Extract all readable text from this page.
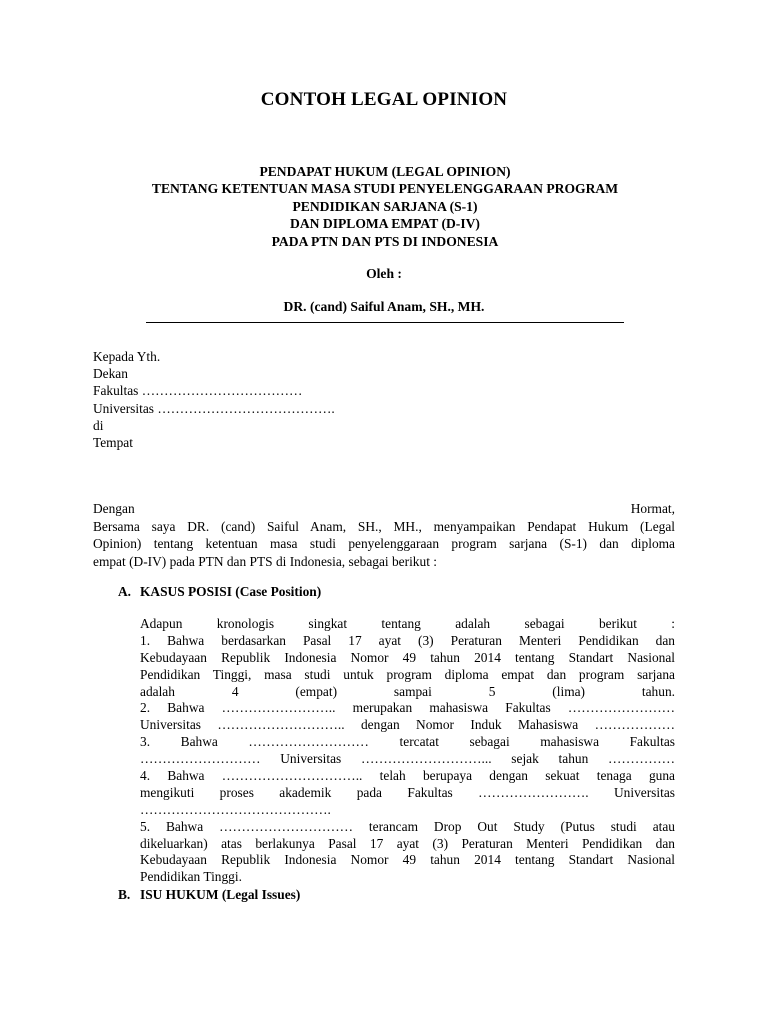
CONTOH LEGAL OPINION
PENDAPAT HUKUM (LEGAL OPINION)
TENTANG KETENTUAN MASA STUDI PENYELENGGARAAN PROGRAM
PENDIDIKAN SARJANA (S-1)
DAN DIPLOMA EMPAT (D-IV)
PADA PTN DAN PTS DI INDONESIA
Oleh :
DR. (cand) Saiful Anam, SH., MH.
Kepada Yth.
Dekan
Fakultas ………………………………
Universitas ………………………………….
di
Tempat
Dengan	Hormat,
Bersama saya DR. (cand) Saiful Anam, SH., MH., menyampaikan Pendapat Hukum (Legal
Opinion) tentang ketentuan masa studi penyelenggaraan program sarjana (S-1) dan diploma
empat (D-IV) pada PTN dan PTS di Indonesia, sebagai berikut :
A. KASUS POSISI (Case Position)
Adapun kronologis singkat tentang adalah sebagai berikut :
1. Bahwa berdasarkan Pasal 17 ayat (3) Peraturan Menteri Pendidikan dan
Kebudayaan Republik Indonesia Nomor 49 tahun 2014 tentang Standart Nasional
Pendidikan Tinggi, masa studi untuk program diploma empat dan program sarjana
adalah 4 (empat) sampai 5 (lima) tahun.
2. Bahwa …………………….. merupakan mahasiswa Fakultas ……………………
Universitas ……………………….. dengan Nomor Induk Mahasiswa ………………
3. Bahwa ……………………… tercatat sebagai mahasiswa Fakultas
……………………… Universitas ………………………... sejak tahun ……………
4. Bahwa ………………………….. telah berupaya dengan sekuat tenaga guna
mengikuti proses akademik pada Fakultas ……………………. Universitas
…………………………………….
5. Bahwa ………………………… terancam Drop Out Study (Putus studi atau
dikeluarkan) atas berlakunya Pasal 17 ayat (3) Peraturan Menteri Pendidikan dan
Kebudayaan Republik Indonesia Nomor 49 tahun 2014 tentang Standart Nasional
Pendidikan Tinggi.
B. ISU HUKUM (Legal Issues)
